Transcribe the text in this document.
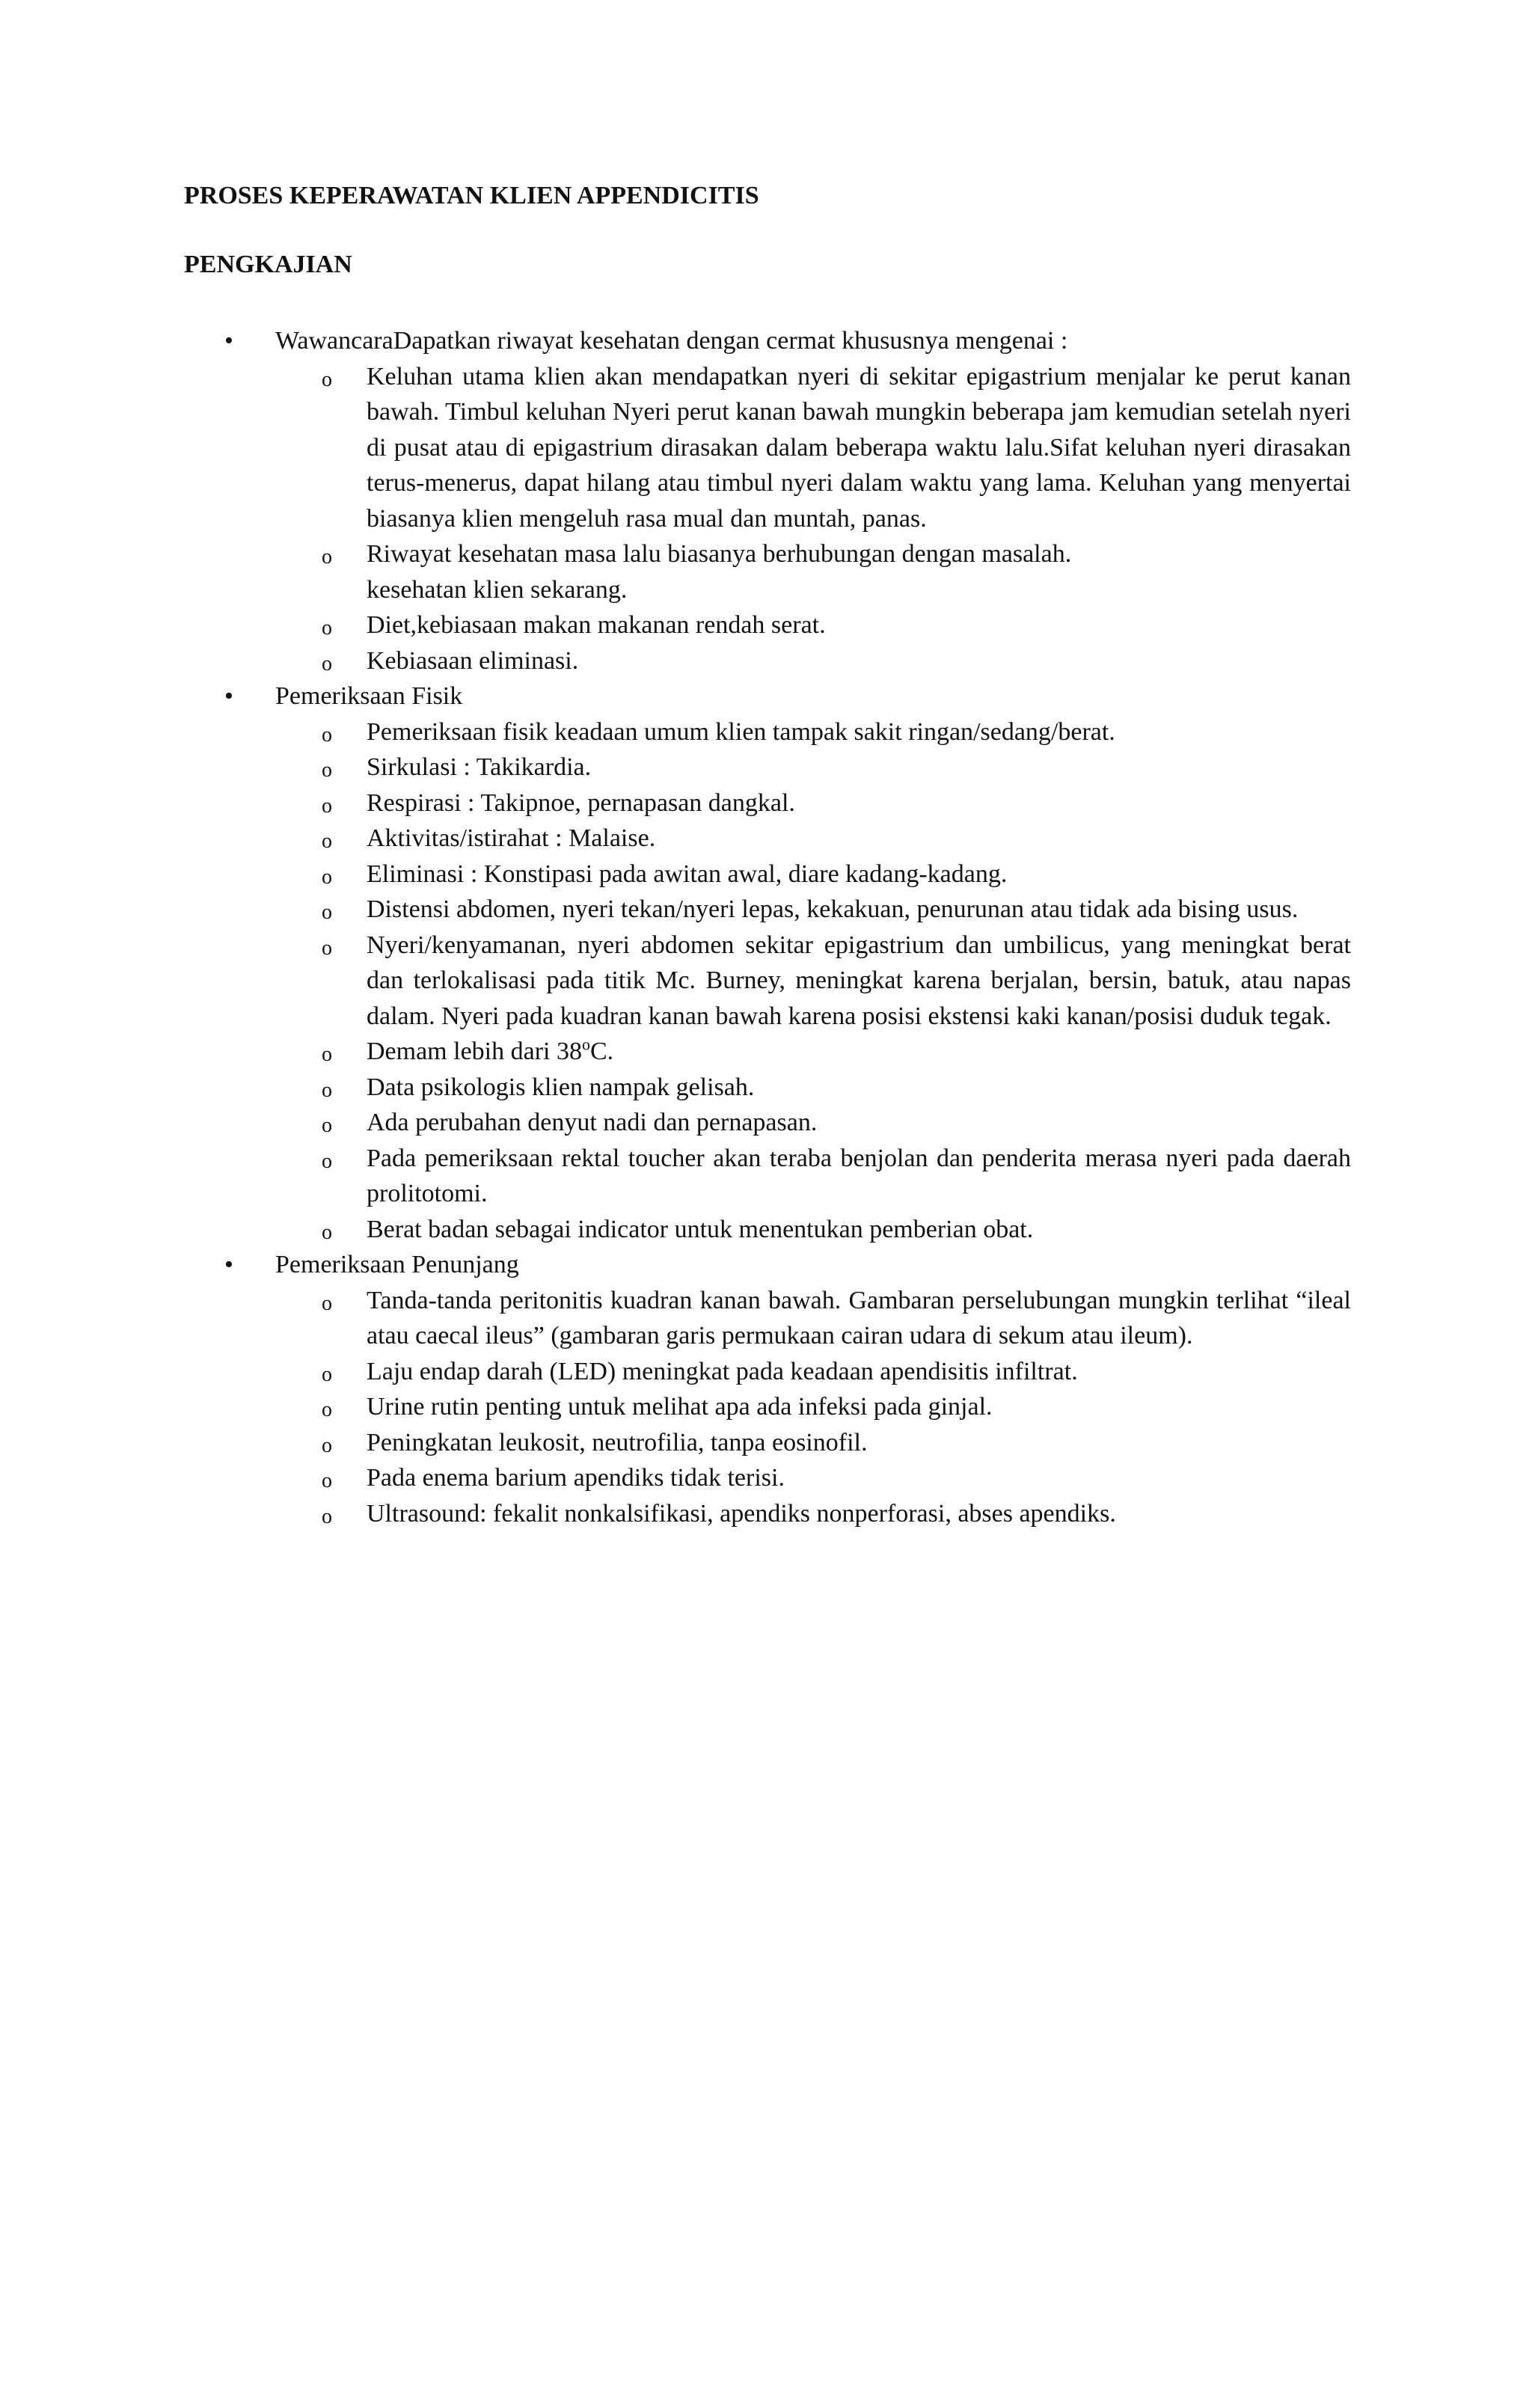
PROSES KEPERAWATAN KLIEN APPENDICITIS
PENGKAJIAN
• WawancaraDapatkan riwayat kesehatan dengan cermat khususnya mengenai :
o Keluhan utama klien akan mendapatkan nyeri di sekitar epigastrium menjalar ke perut kanan bawah. Timbul keluhan Nyeri perut kanan bawah mungkin beberapa jam kemudian setelah nyeri di pusat atau di epigastrium dirasakan dalam beberapa waktu lalu.Sifat keluhan nyeri dirasakan terus-menerus, dapat hilang atau timbul nyeri dalam waktu yang lama. Keluhan yang menyertai biasanya klien mengeluh rasa mual dan muntah, panas.
o Riwayat kesehatan masa lalu biasanya berhubungan dengan masalah.
kesehatan klien sekarang.
o Diet,kebiasaan makan makanan rendah serat.
o Kebiasaan eliminasi.
• Pemeriksaan Fisik
o Pemeriksaan fisik keadaan umum klien tampak sakit ringan/sedang/berat.
o Sirkulasi : Takikardia.
o Respirasi : Takipnoe, pernapasan dangkal.
o Aktivitas/istirahat : Malaise.
o Eliminasi : Konstipasi pada awitan awal, diare kadang-kadang.
o Distensi abdomen, nyeri tekan/nyeri lepas, kekakuan, penurunan atau tidak ada bising usus.
o Nyeri/kenyamanan, nyeri abdomen sekitar epigastrium dan umbilicus, yang meningkat berat dan terlokalisasi pada titik Mc. Burney, meningkat karena berjalan, bersin, batuk, atau napas dalam. Nyeri pada kuadran kanan bawah karena posisi ekstensi kaki kanan/posisi duduk tegak.
o Demam lebih dari 38$^o$C.
o Data psikologis klien nampak gelisah.
o Ada perubahan denyut nadi dan pernapasan.
o Pada pemeriksaan rektal toucher akan teraba benjolan dan penderita merasa nyeri pada daerah prolitotomi.
o Berat badan sebagai indicator untuk menentukan pemberian obat.
• Pemeriksaan Penunjang
o Tanda-tanda peritonitis kuadran kanan bawah. Gambaran perselubungan mungkin terlihat “ileal atau caecal ileus” (gambaran garis permukaan cairan udara di sekum atau ileum).
o Laju endap darah (LED) meningkat pada keadaan apendisitis infiltrat.
o Urine rutin penting untuk melihat apa ada infeksi pada ginjal.
o Peningkatan leukosit, neutrofilia, tanpa eosinofil.
o Pada enema barium apendiks tidak terisi.
o Ultrasound: fekalit nonkalsifikasi, apendiks nonperforasi, abses apendiks.
